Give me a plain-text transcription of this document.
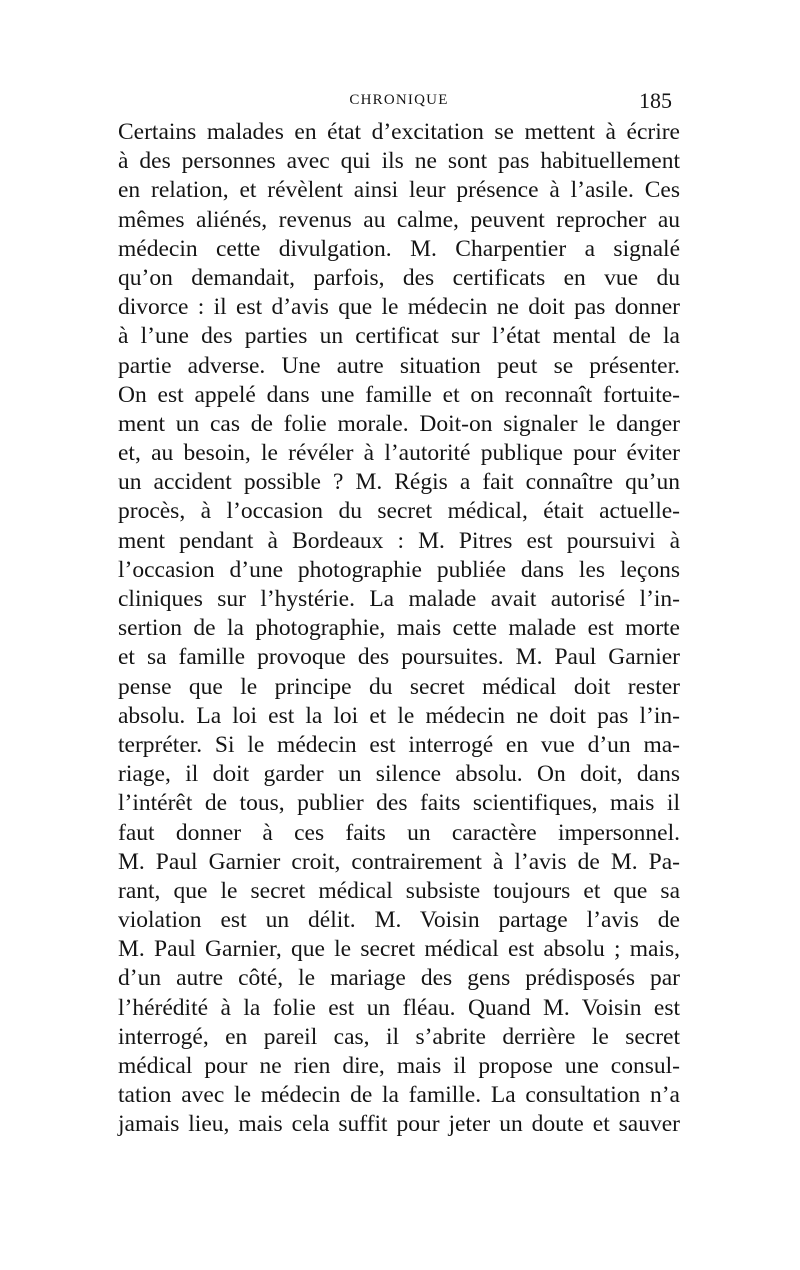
CHRONIQUE	185
Certains malades en état d’excitation se mettent à écrire
à des personnes avec qui ils ne sont pas habituellement
en relation, et révèlent ainsi leur présence à l’asile. Ces
mêmes aliénés, revenus au calme, peuvent reprocher au
médecin cette divulgation. M. Charpentier a signalé
qu’on demandait, parfois, des certificats en vue du
divorce : il est d’avis que le médecin ne doit pas donner
à l’une des parties un certificat sur l’état mental de la
partie adverse. Une autre situation peut se présenter.
On est appelé dans une famille et on reconnaît fortuite-
ment un cas de folie morale. Doit-on signaler le danger
et, au besoin, le révéler à l’autorité publique pour éviter
un accident possible ? M. Régis a fait connaître qu’un
procès, à l’occasion du secret médical, était actuelle-
ment pendant à Bordeaux : M. Pitres est poursuivi à
l’occasion d’une photographie publiée dans les leçons
cliniques sur l’hystérie. La malade avait autorisé l’in-
sertion de la photographie, mais cette malade est morte
et sa famille provoque des poursuites. M. Paul Garnier
pense que le principe du secret médical doit rester
absolu. La loi est la loi et le médecin ne doit pas l’in-
terpréter. Si le médecin est interrogé en vue d’un ma-
riage, il doit garder un silence absolu. On doit, dans
l’intérêt de tous, publier des faits scientifiques, mais il
faut donner à ces faits un caractère impersonnel.
M. Paul Garnier croit, contrairement à l’avis de M. Pa-
rant, que le secret médical subsiste toujours et que sa
violation est un délit. M. Voisin partage l’avis de
M. Paul Garnier, que le secret médical est absolu ; mais,
d’un autre côté, le mariage des gens prédisposés par
l’hérédité à la folie est un fléau. Quand M. Voisin est
interrogé, en pareil cas, il s’abrite derrière le secret
médical pour ne rien dire, mais il propose une consul-
tation avec le médecin de la famille. La consultation n’a
jamais lieu, mais cela suffit pour jeter un doute et sauver
